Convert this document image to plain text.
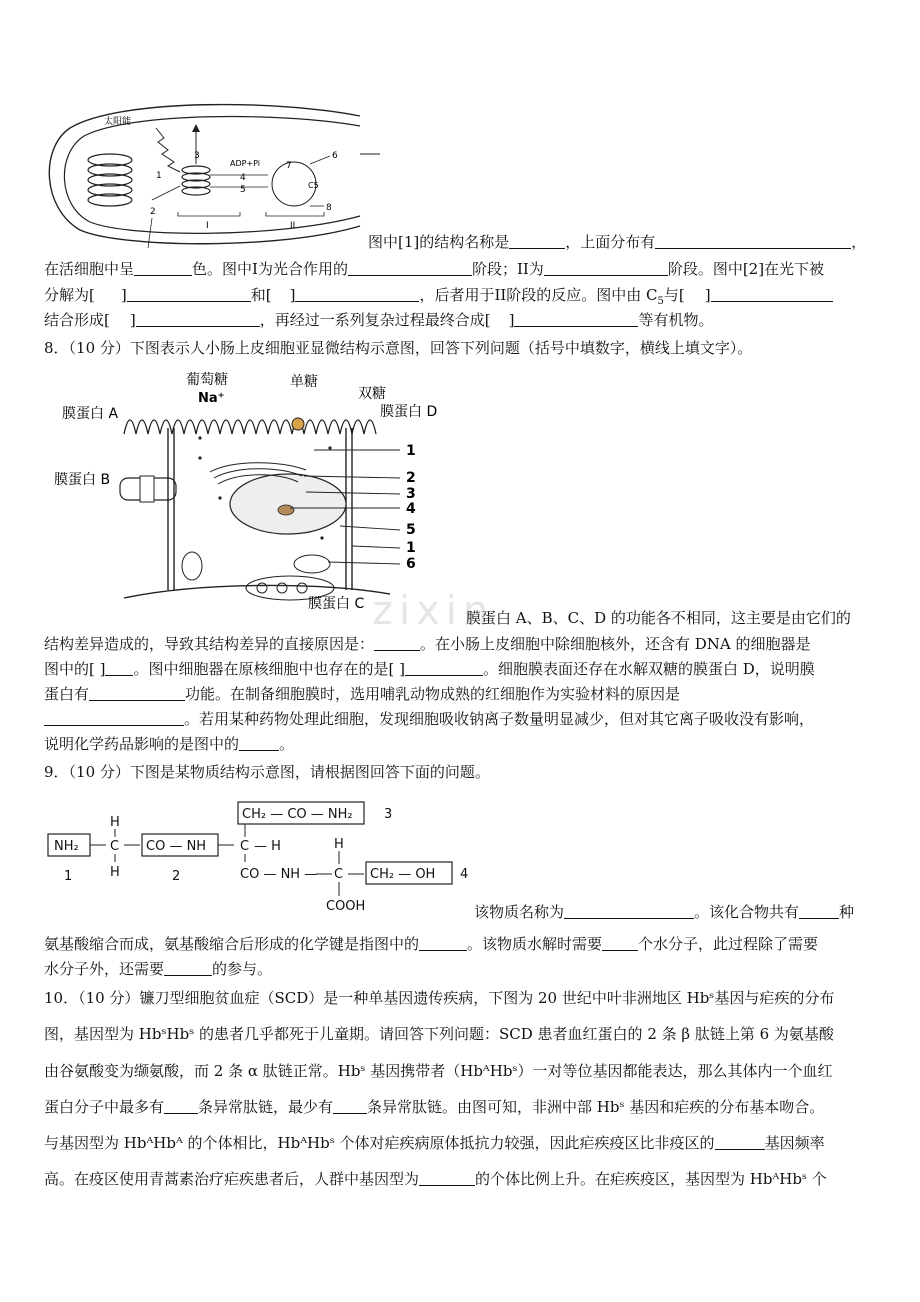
太阳能
3
ADP+Pi
4
5
1
2
7
C5
6
8
I	II
图中[1]的结构名称是	，上面分布有	，
在活细胞中呈	色。图中I为光合作用的	阶段；II为	阶段。图中[2]在光下被
分解为[ ]	和[ ]	，后者用于II阶段的反应。图中由 $C_5$与[ ]
结合形成[ ]	，再经过一系列复杂过程最终合成[ ]	等有机物。
8．（10 分）下图表示人小肠上皮细胞亚显微结构示意图，回答下列问题（括号中填数字，横线上填文字）。
葡萄糖
Na⁺
单糖
双糖
膜蛋白 A
膜蛋白 B
膜蛋白 C
膜蛋白 D
1
2
3
4
5
1
6
zixin
膜蛋白 A、B、C、D 的功能各不相同，这主要是由它们的
结构差异造成的，导致其结构差异的直接原因是：	。在小肠上皮细胞中除细胞核外，还含有 DNA 的细胞器是
图中的[ ] 。图中细胞器在原核细胞中也存在的是[ ]	。细胞膜表面还存在水解双糖的膜蛋白 D，说明膜
蛋白有	功能。在制备细胞膜时，选用哺乳动物成熟的红细胞作为实验材料的原因是
。若用某种药物处理此细胞，发现细胞吸收钠离子数量明显减少，但对其它离子吸收没有影响，
说明化学药品影响的是图中的	。
9．（10 分）下图是某物质结构示意图，请根据图回答下面的问题。
NH₂
H
C
H
CO — NH
CH₂ — CO — NH₂
C — H
CO — NH —
H
C CH₂ — OH
COOH
1	2
3
4
该物质名称为	。该化合物共有	种
氨基酸缩合而成，氨基酸缩合后形成的化学键是指图中的	。该物质水解时需要 个水分子，此过程除了需要
水分子外，还需要	的参与。
10．（10 分）镰刀型细胞贫血症（SCD）是一种单基因遗传疾病，下图为 20 世纪中叶非洲地区 Hbˢ基因与疟疾的分布
图，基因型为 HbˢHbˢ 的患者几乎都死于儿童期。请回答下列问题：SCD 患者血红蛋白的 2 条 β 肽链上第 6 为氨基酸
由谷氨酸变为缬氨酸，而 2 条 α 肽链正常。Hbˢ 基因携带者（HbᴬHbˢ）一对等位基因都能表达，那么其体内一个血红
蛋白分子中最多有 条异常肽链，最少有 条异常肽链。由图可知，非洲中部 Hbˢ 基因和疟疾的分布基本吻合。
与基因型为 HbᴬHbᴬ 的个体相比，HbᴬHbˢ 个体对疟疾病原体抵抗力较强，因此疟疾疫区比非疫区的	基因频率
高。在疫区使用青蒿素治疗疟疾患者后，人群中基因型为	的个体比例上升。在疟疾疫区，基因型为 HbᴬHbˢ 个
